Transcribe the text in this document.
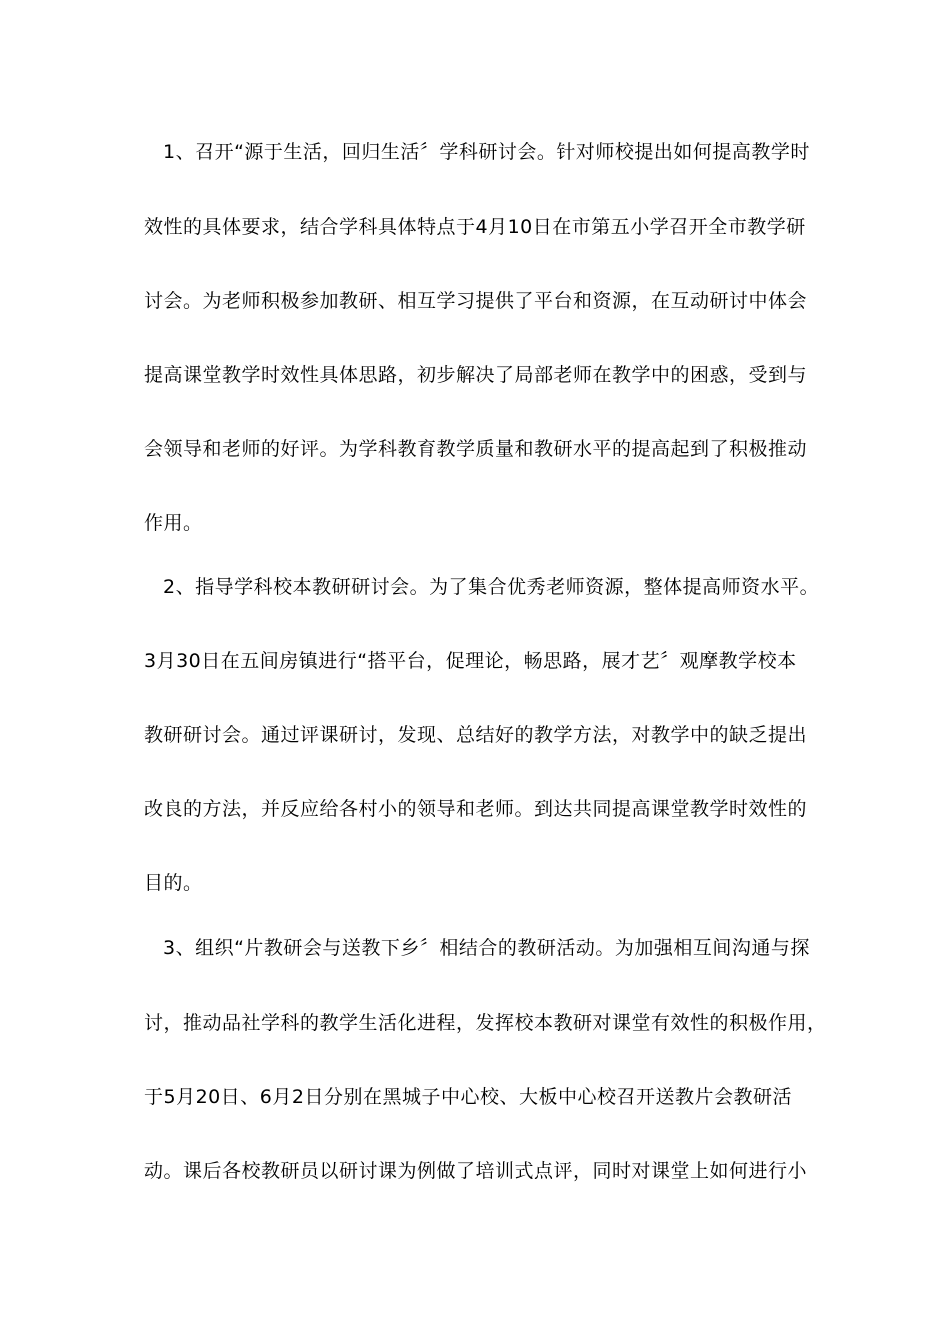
1、召开“源于生活，回归生活〞学科研讨会。针对师校提出如何提高教学时
效性的具体要求，结合学科具体特点于4月10日在市第五小学召开全市教学研
讨会。为老师积极参加教研、相互学习提供了平台和资源，在互动研讨中体会
提高课堂教学时效性具体思路，初步解决了局部老师在教学中的困惑，受到与
会领导和老师的好评。为学科教育教学质量和教研水平的提高起到了积极推动
作用。
2、指导学科校本教研研讨会。为了集合优秀老师资源，整体提高师资水平。
3月30日在五间房镇进行“搭平台，促理论，畅思路，展才艺〞观摩教学校本
教研研讨会。通过评课研讨，发现、总结好的教学方法，对教学中的缺乏提出
改良的方法，并反应给各村小的领导和老师。到达共同提高课堂教学时效性的
目的。
3、组织“片教研会与送教下乡〞相结合的教研活动。为加强相互间沟通与探
讨，推动品社学科的教学生活化进程，发挥校本教研对课堂有效性的积极作用，
于5月20日、6月2日分别在黑城子中心校、大板中心校召开送教片会教研活
动。课后各校教研员以研讨课为例做了培训式点评，同时对课堂上如何进行小
